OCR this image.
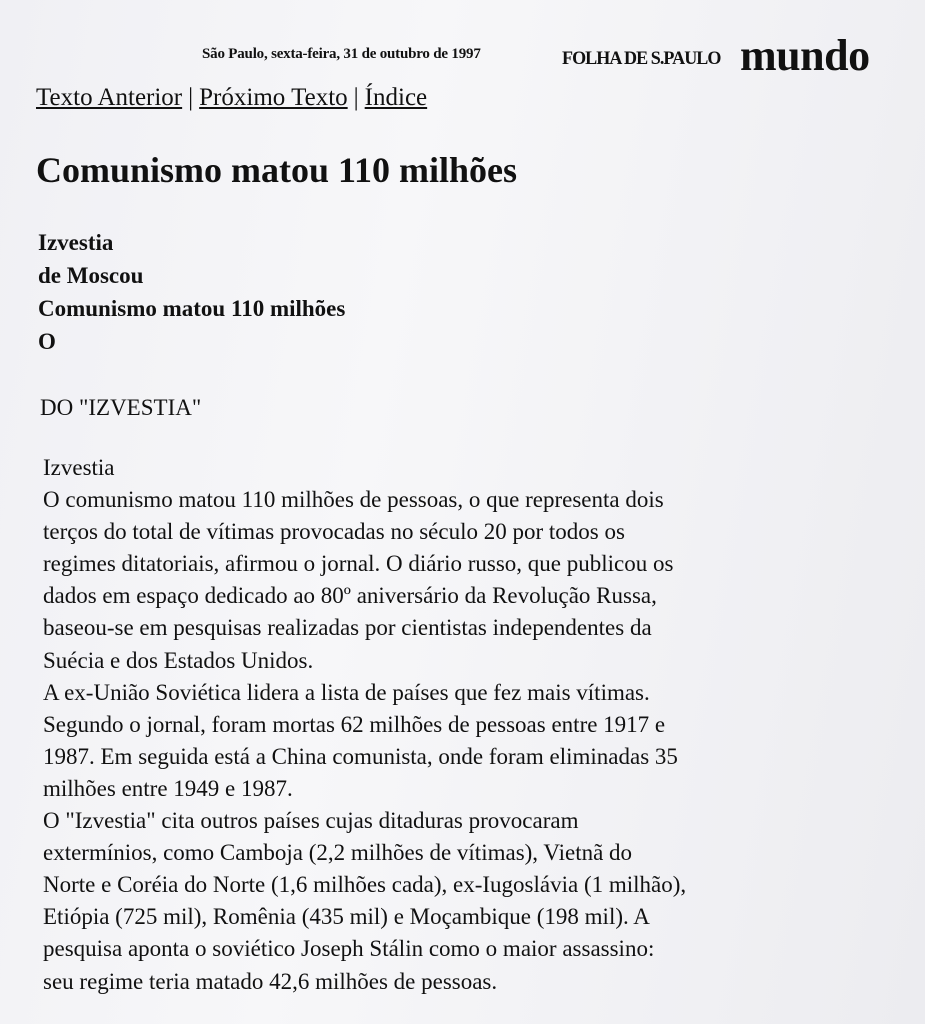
São Paulo, sexta-feira, 31 de outubro de 1997	FOLHA DE S.PAULO mundo
Texto Anterior | Próximo Texto | Índice
Comunismo matou 110 milhões
Izvestia
de Moscou
Comunismo matou 110 milhões
O
DO "IZVESTIA"
Izvestia
O comunismo matou 110 milhões de pessoas, o que representa dois
terços do total de vítimas provocadas no século 20 por todos os
regimes ditatoriais, afirmou o jornal. O diário russo, que publicou os
dados em espaço dedicado ao 80º aniversário da Revolução Russa,
baseou-se em pesquisas realizadas por cientistas independentes da
Suécia e dos Estados Unidos.
A ex-União Soviética lidera a lista de países que fez mais vítimas.
Segundo o jornal, foram mortas 62 milhões de pessoas entre 1917 e
1987. Em seguida está a China comunista, onde foram eliminadas 35
milhões entre 1949 e 1987.
O "Izvestia" cita outros países cujas ditaduras provocaram
extermínios, como Camboja (2,2 milhões de vítimas), Vietnã do
Norte e Coréia do Norte (1,6 milhões cada), ex-Iugoslávia (1 milhão),
Etiópia (725 mil), Romênia (435 mil) e Moçambique (198 mil). A
pesquisa aponta o soviético Joseph Stálin como o maior assassino:
seu regime teria matado 42,6 milhões de pessoas.
